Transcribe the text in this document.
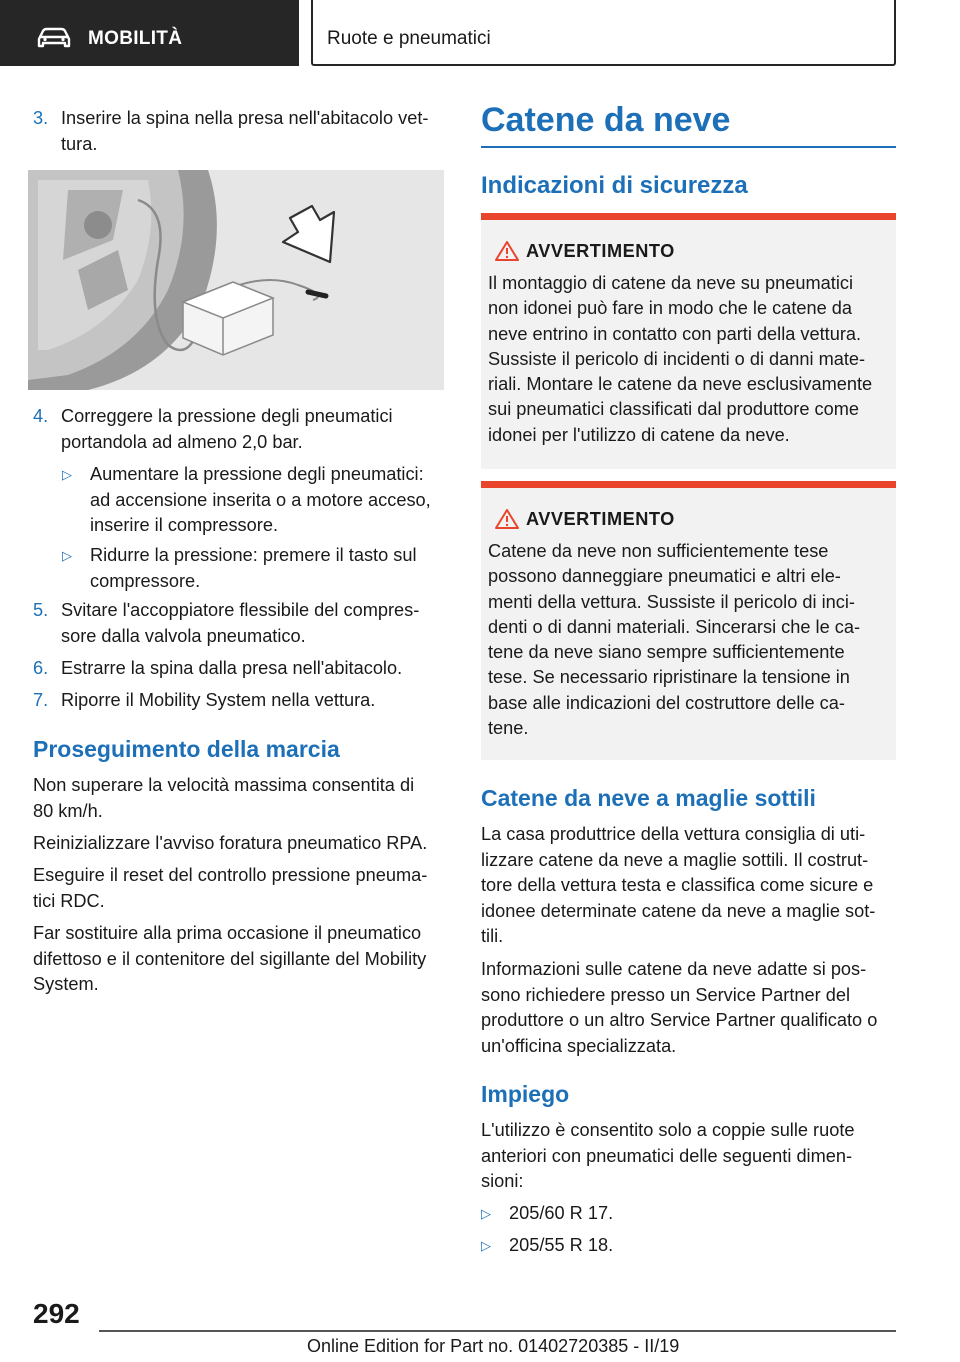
MOBILITÀ	Ruote e pneumatici
3. Inserire la spina nella presa nell'abitacolo vet-
tura.
4. Correggere la pressione degli pneumatici
portandola ad almeno 2,0 bar.
▷ Aumentare la pressione degli pneumatici:
ad accensione inserita o a motore acceso,
inserire il compressore.
▷ Ridurre la pressione: premere il tasto sul
compressore.
5. Svitare l'accoppiatore flessibile del compres-
sore dalla valvola pneumatico.
6. Estrarre la spina dalla presa nell'abitacolo.
7. Riporre il Mobility System nella vettura.
Proseguimento della marcia
Non superare la velocità massima consentita di
80 km/h.
Reinizializzare l'avviso foratura pneumatico RPA.
Eseguire il reset del controllo pressione pneuma-
tici RDC.
Far sostituire alla prima occasione il pneumatico
difettoso e il contenitore del sigillante del Mobility
System.
Catene da neve
Indicazioni di sicurezza
AVVERTIMENTO
Il montaggio di catene da neve su pneumatici
non idonei può fare in modo che le catene da
neve entrino in contatto con parti della vettura.
Sussiste il pericolo di incidenti o di danni mate-
riali. Montare le catene da neve esclusivamente
sui pneumatici classificati dal produttore come
idonei per l'utilizzo di catene da neve.
AVVERTIMENTO
Catene da neve non sufficientemente tese
possono danneggiare pneumatici e altri ele-
menti della vettura. Sussiste il pericolo di inci-
denti o di danni materiali. Sincerarsi che le ca-
tene da neve siano sempre sufficientemente
tese. Se necessario ripristinare la tensione in
base alle indicazioni del costruttore delle ca-
tene.
Catene da neve a maglie sottili
La casa produttrice della vettura consiglia di uti-
lizzare catene da neve a maglie sottili. Il costrut-
tore della vettura testa e classifica come sicure e
idonee determinate catene da neve a maglie sot-
tili.
Informazioni sulle catene da neve adatte si pos-
sono richiedere presso un Service Partner del
produttore o un altro Service Partner qualificato o
un'officina specializzata.
Impiego
L'utilizzo è consentito solo a coppie sulle ruote
anteriori con pneumatici delle seguenti dimen-
sioni:
▷ 205/60 R 17.
▷ 205/55 R 18.
292
Online Edition for Part no. 01402720385 - II/19
